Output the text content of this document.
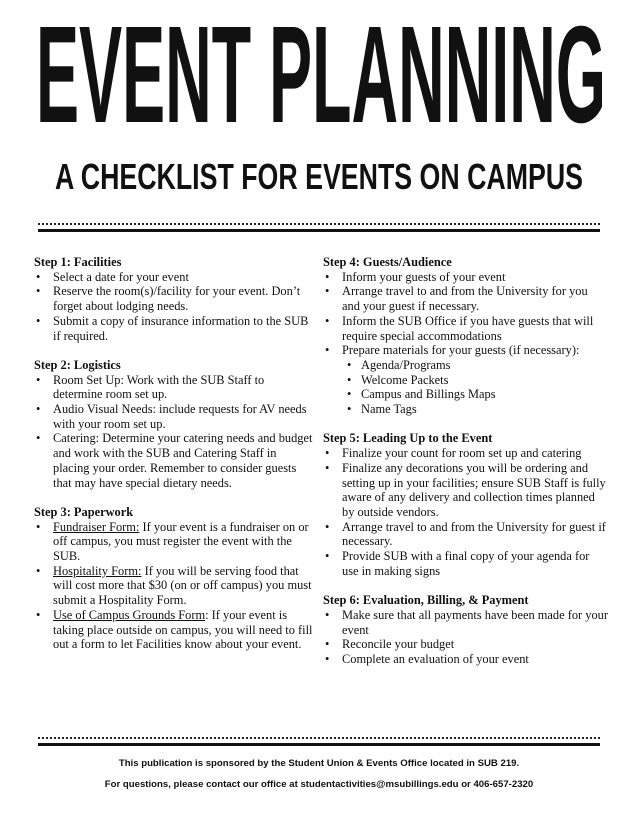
EVENT PLANNING
A CHECKLIST FOR EVENTS ON CAMPUS
Step 1: Facilities
• Select a date for your event
• Reserve the room(s)/facility for your event. Don’t forget about lodging needs.
• Submit a copy of insurance information to the SUB if required.
Step 2: Logistics
• Room Set Up: Work with the SUB Staff to determine room set up.
• Audio Visual Needs: include requests for AV needs with your room set up.
• Catering: Determine your catering needs and budget and work with the SUB and Catering Staff in placing your order. Remember to consider guests that may have special dietary needs.
Step 3: Paperwork
• Fundraiser Form: If your event is a fundraiser on or off campus, you must register the event with the SUB.
• Hospitality Form: If you will be serving food that will cost more that $30 (on or off campus) you must submit a Hospitality Form.
• Use of Campus Grounds Form: If your event is taking place outside on campus, you will need to fill out a form to let Facilities know about your event.
Step 4: Guests/Audience
• Inform your guests of your event
• Arrange travel to and from the University for you and your guest if necessary.
• Inform the SUB Office if you have guests that will require special accommodations
• Prepare materials for your guests (if necessary):
• Agenda/Programs
• Welcome Packets
• Campus and Billings Maps
• Name Tags
Step 5: Leading Up to the Event
• Finalize your count for room set up and catering
• Finalize any decorations you will be ordering and setting up in your facilities; ensure SUB Staff is fully aware of any delivery and collection times planned by outside vendors.
• Arrange travel to and from the University for guest if necessary.
• Provide SUB with a final copy of your agenda for use in making signs
Step 6: Evaluation, Billing, & Payment
• Make sure that all payments have been made for your event
• Reconcile your budget
• Complete an evaluation of your event
This publication is sponsored by the Student Union & Events Office located in SUB 219.
For questions, please contact our office at studentactivities@msubillings.edu or 406-657-2320
